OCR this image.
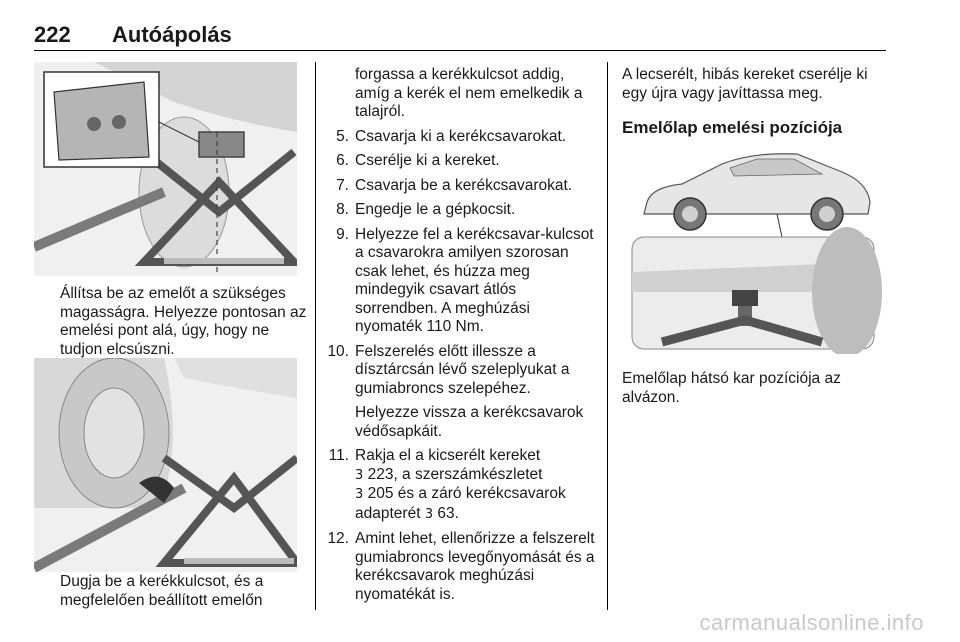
222 Autóápolás

Állítsa be az emelőt a szükséges magasságra. Helyezze pontosan az emelési pont alá, úgy, hogy ne tudjon elcsúszni.

Dugja be a kerékkulcsot, és a megfelelően beállított emelőn

forgassa a kerékkulcsot addig, amíg a kerék el nem emelkedik a talajról.
5. Csavarja ki a kerékcsavarokat.
6. Cserélje ki a kereket.
7. Csavarja be a kerékcsavarokat.
8. Engedje le a gépkocsit.
9. Helyezze fel a kerékcsavar-kulcsot a csavarokra amilyen szorosan csak lehet, és húzza meg mindegyik csavart átlós sorrendben. A meghúzási nyomaték 110 Nm.
10. Felszerelés előtt illessze a dísztárcsán lévő szeleplyukat a gumiabroncs szelepéhez.
Helyezze vissza a kerékcsavarok védősapkáit.
11. Rakja el a kicserélt kereket
3 223, a szerszámkészletet
3 205 és a záró kerékcsavarok adapterét 3 63.
12. Amint lehet, ellenőrizze a felszerelt gumiabroncs levegőnyomását és a kerékcsavarok meghúzási nyomatékát is.
A lecserélt, hibás kereket cserélje ki egy újra vagy javíttassa meg.
Emelőlap emelési pozíciója

Emelőlap hátsó kar pozíciója az alvázon.

carmanualsonline.info
